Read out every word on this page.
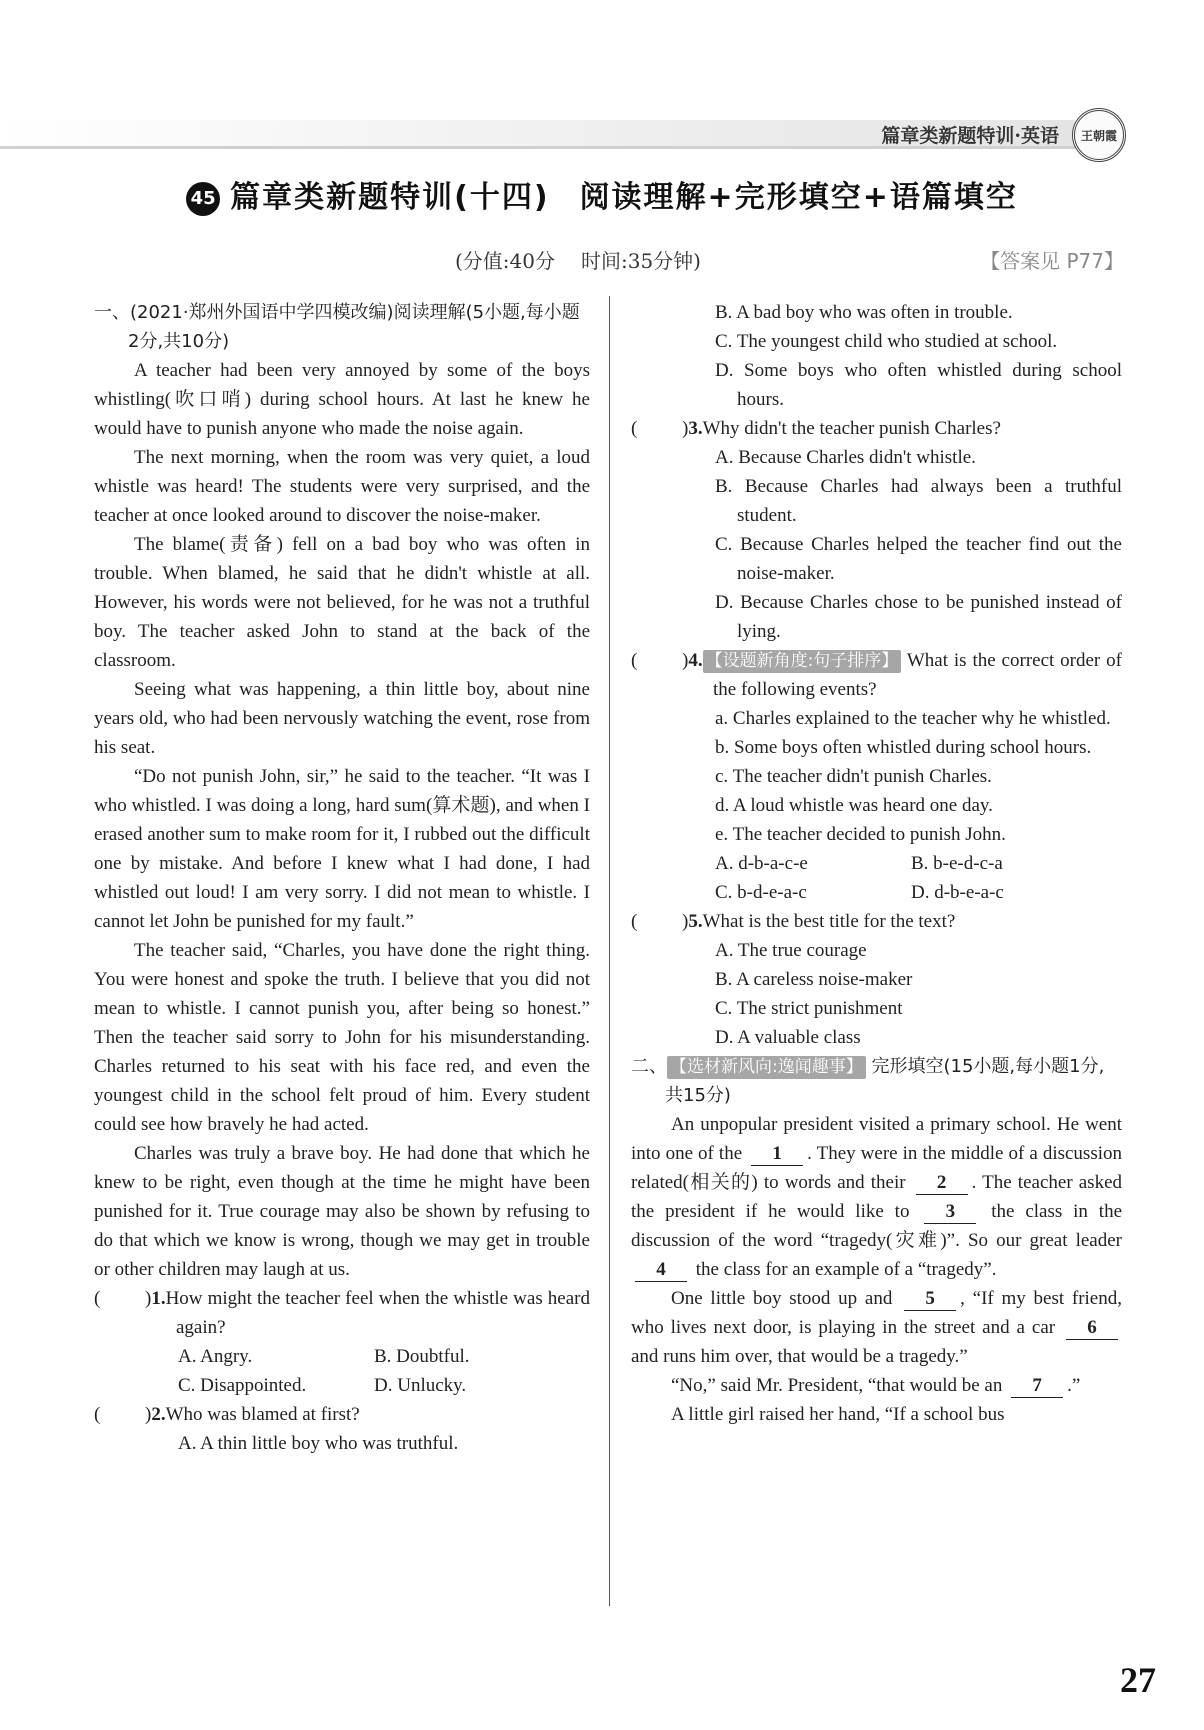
篇章类新题特训·英语 王朝霞
45 篇章类新题特训(十四) 阅读理解+完形填空+语篇填空
(分值:40分 时间:35分钟)	【答案见 P77】
一、(2021·郑州外国语中学四模改编)阅读理解(5小题,每小题2分,共10分)

A teacher had been very annoyed by some of the boys whistling(吹口哨) during school hours. At last he knew he would have to punish anyone who made the noise again.

The next morning, when the room was very quiet, a loud whistle was heard! The students were very surprised, and the teacher at once looked around to discover the noise-maker.

The blame(责备) fell on a bad boy who was often in trouble. When blamed, he said that he didn't whistle at all. However, his words were not believed, for he was not a truthful boy. The teacher asked John to stand at the back of the classroom.

Seeing what was happening, a thin little boy, about nine years old, who had been nervously watching the event, rose from his seat.

“Do not punish John, sir,” he said to the teacher. “It was I who whistled. I was doing a long, hard sum(算术题), and when I erased another sum to make room for it, I rubbed out the difficult one by mistake. And before I knew what I had done, I had whistled out loud! I am very sorry. I did not mean to whistle. I cannot let John be punished for my fault.”

The teacher said, “Charles, you have done the right thing. You were honest and spoke the truth. I believe that you did not mean to whistle. I cannot punish you, after being so honest.” Then the teacher said sorry to John for his misunderstanding. Charles returned to his seat with his face red, and even the youngest child in the school felt proud of him. Every student could see how bravely he had acted.

Charles was truly a brave boy. He had done that which he knew to be right, even though at the time he might have been punished for it. True courage may also be shown by refusing to do that which we know is wrong, though we may get in trouble or other children may laugh at us.

( )1.How might the teacher feel when the whistle was heard again?
A. Angry.	B. Doubtful.
C. Disappointed.	D. Unlucky.
( )2.Who was blamed at first?
A. A thin little boy who was truthful.
B. A bad boy who was often in trouble.
C. The youngest child who studied at school.
D. Some boys who often whistled during school hours.
( )3.Why didn't the teacher punish Charles?
A. Because Charles didn't whistle.
B. Because Charles had always been a truthful student.
C. Because Charles helped the teacher find out the noise-maker.
D. Because Charles chose to be punished instead of lying.
( )4. 【设题新角度:句子排序】 What is the correct order of the following events?
a. Charles explained to the teacher why he whistled.
b. Some boys often whistled during school hours.
c. The teacher didn't punish Charles.
d. A loud whistle was heard one day.
e. The teacher decided to punish John.
A. d-b-a-c-e	B. b-e-d-c-a
C. b-d-e-a-c	D. d-b-e-a-c
( )5.What is the best title for the text?
A. The true courage
B. A careless noise-maker
C. The strict punishment
D. A valuable class
二、 【选材新风向:逸闻趣事】 完形填空(15小题,每小题1分,共15分)

An unpopular president visited a primary school. He went into one of the 1 . They were in the middle of a discussion related(相关的) to words and their 2 . The teacher asked the president if he would like to 3 the class in the discussion of the word “tragedy(灾难)”. So our great leader 4 the class for an example of a “tragedy”.

One little boy stood up and 5 , “If my best friend, who lives next door, is playing in the street and a car 6 and runs him over, that would be a tragedy.”

“No,” said Mr. President, “that would be an 7 .”

A little girl raised her hand, “If a school bus

27
